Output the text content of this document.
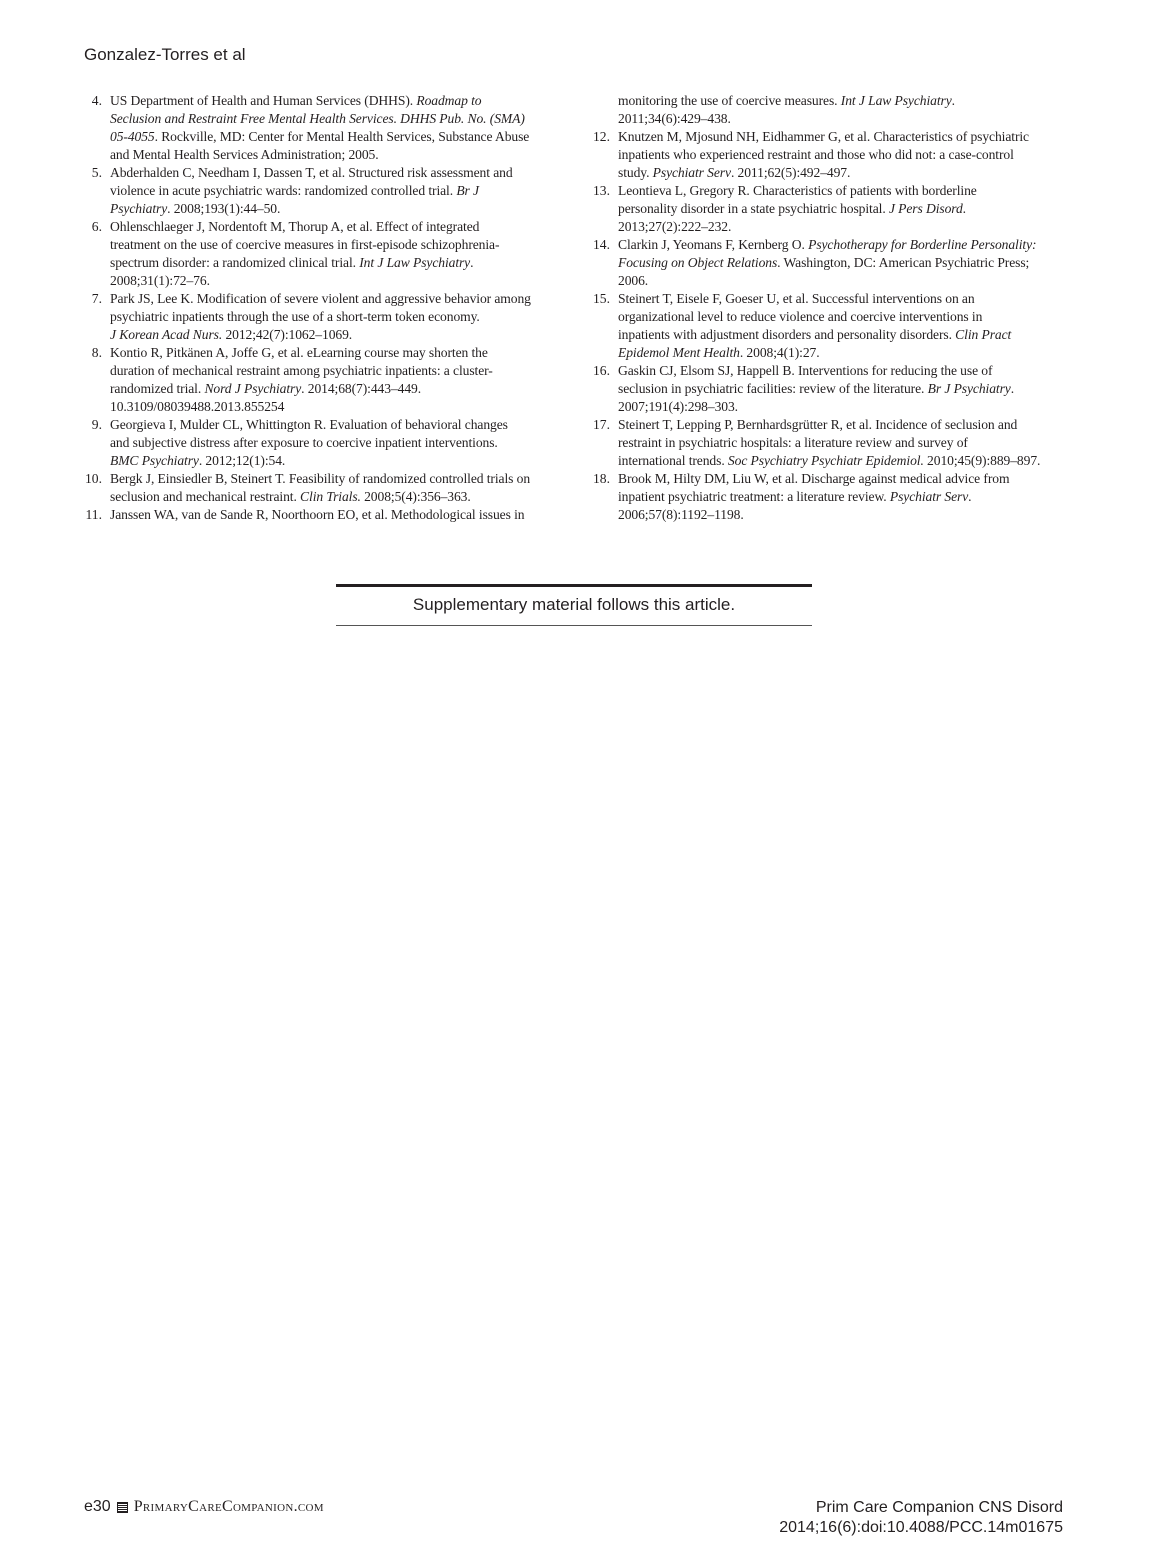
Gonzalez-Torres et al
4. US Department of Health and Human Services (DHHS). Roadmap to
Seclusion and Restraint Free Mental Health Services. DHHS Pub. No. (SMA)
05-4055. Rockville, MD: Center for Mental Health Services, Substance Abuse
and Mental Health Services Administration; 2005.
5. Abderhalden C, Needham I, Dassen T, et al. Structured risk assessment and
violence in acute psychiatric wards: randomized controlled trial. Br J
Psychiatry. 2008;193(1):44–50.
6. Ohlenschlaeger J, Nordentoft M, Thorup A, et al. Effect of integrated
treatment on the use of coercive measures in first-episode schizophrenia-
spectrum disorder: a randomized clinical trial. Int J Law Psychiatry.
2008;31(1):72–76.
7. Park JS, Lee K. Modification of severe violent and aggressive behavior among
psychiatric inpatients through the use of a short-term token economy.
J Korean Acad Nurs. 2012;42(7):1062–1069.
8. Kontio R, Pitkänen A, Joffe G, et al. eLearning course may shorten the
duration of mechanical restraint among psychiatric inpatients: a cluster-
randomized trial. Nord J Psychiatry. 2014;68(7):443–449.
10.3109/08039488.2013.855254
9. Georgieva I, Mulder CL, Whittington R. Evaluation of behavioral changes
and subjective distress after exposure to coercive inpatient interventions.
BMC Psychiatry. 2012;12(1):54.
10. Bergk J, Einsiedler B, Steinert T. Feasibility of randomized controlled trials on
seclusion and mechanical restraint. Clin Trials. 2008;5(4):356–363.
11. Janssen WA, van de Sande R, Noorthoorn EO, et al. Methodological issues in
monitoring the use of coercive measures. Int J Law Psychiatry.
2011;34(6):429–438.
12. Knutzen M, Mjosund NH, Eidhammer G, et al. Characteristics of psychiatric
inpatients who experienced restraint and those who did not: a case-control
study. Psychiatr Serv. 2011;62(5):492–497.
13. Leontieva L, Gregory R. Characteristics of patients with borderline
personality disorder in a state psychiatric hospital. J Pers Disord.
2013;27(2):222–232.
14. Clarkin J, Yeomans F, Kernberg O. Psychotherapy for Borderline Personality:
Focusing on Object Relations. Washington, DC: American Psychiatric Press;
2006.
15. Steinert T, Eisele F, Goeser U, et al. Successful interventions on an
organizational level to reduce violence and coercive interventions in
inpatients with adjustment disorders and personality disorders. Clin Pract
Epidemol Ment Health. 2008;4(1):27.
16. Gaskin CJ, Elsom SJ, Happell B. Interventions for reducing the use of
seclusion in psychiatric facilities: review of the literature. Br J Psychiatry.
2007;191(4):298–303.
17. Steinert T, Lepping P, Bernhardsgrütter R, et al. Incidence of seclusion and
restraint in psychiatric hospitals: a literature review and survey of
international trends. Soc Psychiatry Psychiatr Epidemiol. 2010;45(9):889–897.
18. Brook M, Hilty DM, Liu W, et al. Discharge against medical advice from
inpatient psychiatric treatment: a literature review. Psychiatr Serv.
2006;57(8):1192–1198.
Supplementary material follows this article.
e30 PrimaryCareCompanion.com	Prim Care Companion CNS Disord
2014;16(6):doi:10.4088/PCC.14m01675
